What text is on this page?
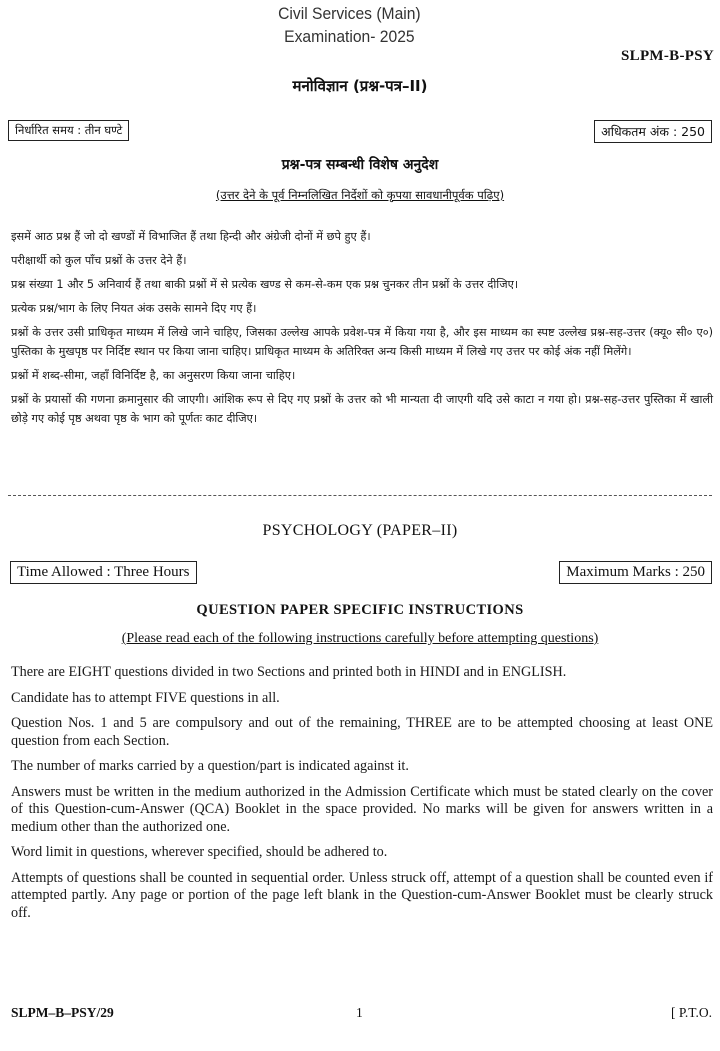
Civil Services (Main)
Examination- 2025
SLPM-B-PSY
मनोविज्ञान (प्रश्न-पत्र–II)
निर्धारित समय : तीन घण्टे	अधिकतम अंक : 250
प्रश्न-पत्र सम्बन्धी विशेष अनुदेश
(उत्तर देने के पूर्व निम्नलिखित निर्देशों को कृपया सावधानीपूर्वक पढ़िए)

इसमें आठ प्रश्न हैं जो दो खण्डों में विभाजित हैं तथा हिन्दी और अंग्रेजी दोनों में छपे हुए हैं।

परीक्षार्थी को कुल पाँच प्रश्नों के उत्तर देने हैं।

प्रश्न संख्या 1 और 5 अनिवार्य हैं तथा बाकी प्रश्नों में से प्रत्येक खण्ड से कम-से-कम एक प्रश्न चुनकर तीन प्रश्नों के उत्तर दीजिए।

प्रत्येक प्रश्न/भाग के लिए नियत अंक उसके सामने दिए गए हैं।

प्रश्नों के उत्तर उसी प्राधिकृत माध्यम में लिखे जाने चाहिए, जिसका उल्लेख आपके प्रवेश-पत्र में किया गया है, और इस माध्यम का स्पष्ट उल्लेख प्रश्न-सह-उत्तर (क्यू० सी० ए०) पुस्तिका के मुखपृष्ठ पर निर्दिष्ट स्थान पर किया जाना चाहिए। प्राधिकृत माध्यम के अतिरिक्त अन्य किसी माध्यम में लिखे गए उत्तर पर कोई अंक नहीं मिलेंगे।

प्रश्नों में शब्द-सीमा, जहाँ विनिर्दिष्ट है, का अनुसरण किया जाना चाहिए।

प्रश्नों के प्रयासों की गणना क्रमानुसार की जाएगी। आंशिक रूप से दिए गए प्रश्नों के उत्तर को भी मान्यता दी जाएगी यदि उसे काटा न गया हो। प्रश्न-सह-उत्तर पुस्तिका में खाली छोड़े गए कोई पृष्ठ अथवा पृष्ठ के भाग को पूर्णतः काट दीजिए।

PSYCHOLOGY (PAPER–II)
Time Allowed : Three Hours	Maximum Marks : 250
QUESTION PAPER SPECIFIC INSTRUCTIONS
(Please read each of the following instructions carefully before attempting questions)

There are EIGHT questions divided in two Sections and printed both in HINDI and in ENGLISH.

Candidate has to attempt FIVE questions in all.

Question Nos. 1 and 5 are compulsory and out of the remaining, THREE are to be attempted choosing at least ONE question from each Section.

The number of marks carried by a question/part is indicated against it.

Answers must be written in the medium authorized in the Admission Certificate which must be stated clearly on the cover of this Question-cum-Answer (QCA) Booklet in the space provided. No marks will be given for answers written in a medium other than the authorized one.

Word limit in questions, wherever specified, should be adhered to.

Attempts of questions shall be counted in sequential order. Unless struck off, attempt of a question shall be counted even if attempted partly. Any page or portion of the page left blank in the Question-cum-Answer Booklet must be clearly struck off.

SLPM–B–PSY/29	1	[ P.T.O.
